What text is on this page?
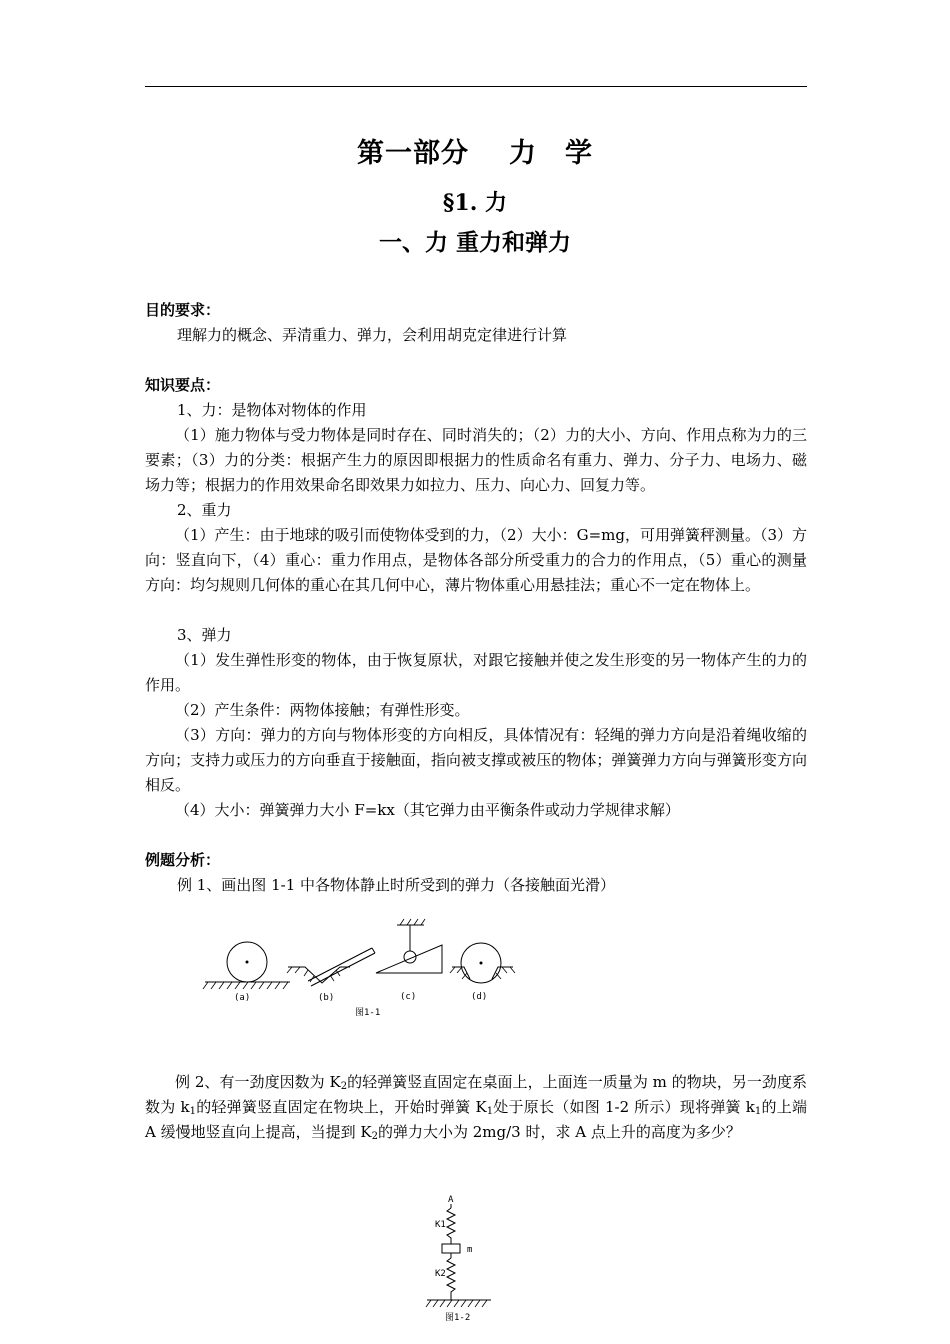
第一部分 力　学
§1. 力
一、力 重力和弹力

目的要求：

理解力的概念、弄清重力、弹力，会利用胡克定律进行计算

知识要点：

1、力：是物体对物体的作用

（1）施力物体与受力物体是同时存在、同时消失的；（2）力的大小、方向、作用点称为力的三要素；（3）力的分类：根据产生力的原因即根据力的性质命名有重力、弹力、分子力、电场力、磁场力等；根据力的作用效果命名即效果力如拉力、压力、向心力、回复力等。

2、重力

（1）产生：由于地球的吸引而使物体受到的力，（2）大小：G=mg，可用弹簧秤测量。（3）方向：竖直向下，（4）重心：重力作用点，是物体各部分所受重力的合力的作用点，（5）重心的测量方向：均匀规则几何体的重心在其几何中心，薄片物体重心用悬挂法；重心不一定在物体上。

3、弹力

（1）发生弹性形变的物体，由于恢复原状，对跟它接触并使之发生形变的另一物体产生的力的作用。

（2）产生条件：两物体接触；有弹性形变。

（3）方向：弹力的方向与物体形变的方向相反，具体情况有：轻绳的弹力方向是沿着绳收缩的方向；支持力或压力的方向垂直于接触面，指向被支撑或被压的物体；弹簧弹力方向与弹簧形变方向相反。

（4）大小：弹簧弹力大小 F=kx（其它弹力由平衡条件或动力学规律求解）

例题分析：

例 1、画出图 1-1 中各物体静止时所受到的弹力（各接触面光滑）

(a)	(b)	(c)	(d)
图1-1

例 2、有一劲度因数为 $K_2$的轻弹簧竖直固定在桌面上，上面连一质量为 m 的物块，另一劲度系数为 $k_1$的轻弹簧竖直固定在物块上，开始时弹簧 $K_1$处于原长（如图 1-2 所示）现将弹簧 $k_1$的上端 A 缓慢地竖直向上提高，当提到 $K_2$的弹力大小为 2mg/3 时，求 A 点上升的高度为多少？

A
K1
m
K2
图1-2
